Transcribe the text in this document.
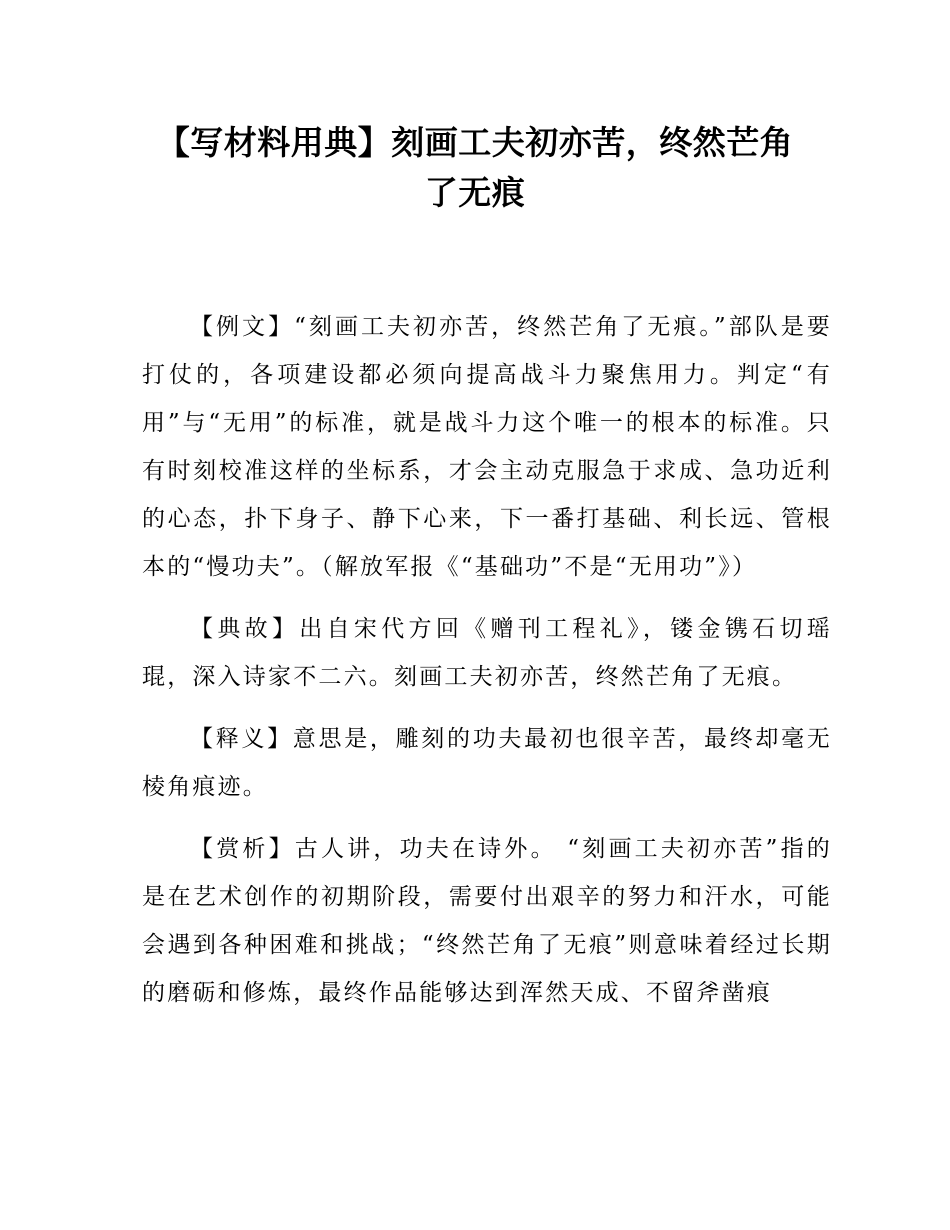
【写材料用典】刻画工夫初亦苦，终然芒角
了无痕

【例文】“刻画工夫初亦苦，终然芒角了无痕。”部队是要打仗的，各项建设都必须向提高战斗力聚焦用力。判定“有用”与“无用”的标准，就是战斗力这个唯一的根本的标准。只有时刻校准这样的坐标系，才会主动克服急于求成、急功近利的心态，扑下身子、静下心来，下一番打基础、利长远、管根本的“慢功夫”。（解放军报《“基础功”不是“无用功”》）

【典故】出自宋代方回《赠刊工程礼》，镂金镌石切瑶琨，深入诗家不二六。刻画工夫初亦苦，终然芒角了无痕。

【释义】意思是，雕刻的功夫最初也很辛苦，最终却毫无棱角痕迹。

【赏析】古人讲，功夫在诗外。 “刻画工夫初亦苦”指的是在艺术创作的初期阶段，需要付出艰辛的努力和汗水，可能会遇到各种困难和挑战；“终然芒角了无痕”则意味着经过长期的磨砺和修炼，最终作品能够达到浑然天成、不留斧凿痕
